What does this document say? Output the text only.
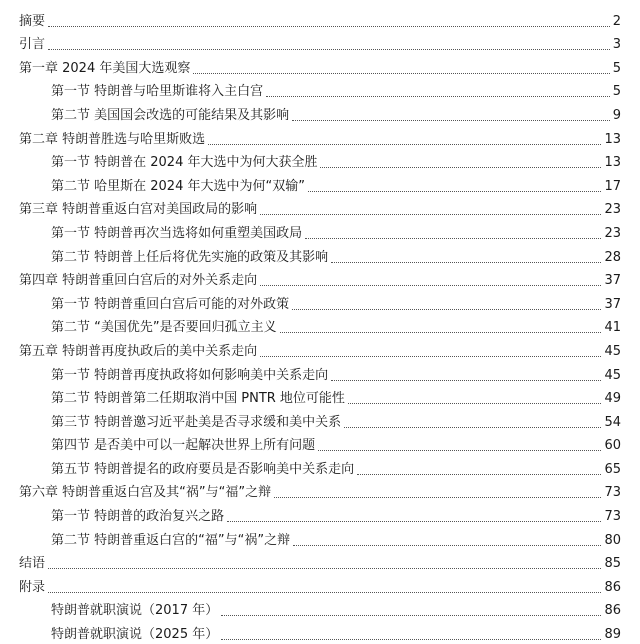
摘要	2
引言	3
第一章 2024 年美国大选观察	5
第一节 特朗普与哈里斯谁将入主白宫	5
第二节 美国国会改选的可能结果及其影响	9
第二章 特朗普胜选与哈里斯败选	13
第一节 特朗普在 2024 年大选中为何大获全胜	13
第二节 哈里斯在 2024 年大选中为何“双输”	17
第三章 特朗普重返白宫对美国政局的影响	23
第一节 特朗普再次当选将如何重塑美国政局	23
第二节 特朗普上任后将优先实施的政策及其影响	28
第四章 特朗普重回白宫后的对外关系走向	37
第一节 特朗普重回白宫后可能的对外政策	37
第二节 “美国优先”是否要回归孤立主义	41
第五章 特朗普再度执政后的美中关系走向	45
第一节 特朗普再度执政将如何影响美中关系走向	45
第二节 特朗普第二任期取消中国 PNTR 地位可能性	49
第三节 特朗普邀习近平赴美是否寻求缓和美中关系	54
第四节 是否美中可以一起解决世界上所有问题	60
第五节 特朗普提名的政府要员是否影响美中关系走向	65
第六章 特朗普重返白宫及其“祸”与“福”之辩	73
第一节 特朗普的政治复兴之路	73
第二节 特朗普重返白宫的“福”与“祸”之辩	80
结语	85
附录	86
特朗普就职演说（2017 年）	86
特朗普就职演说（2025 年）	89
